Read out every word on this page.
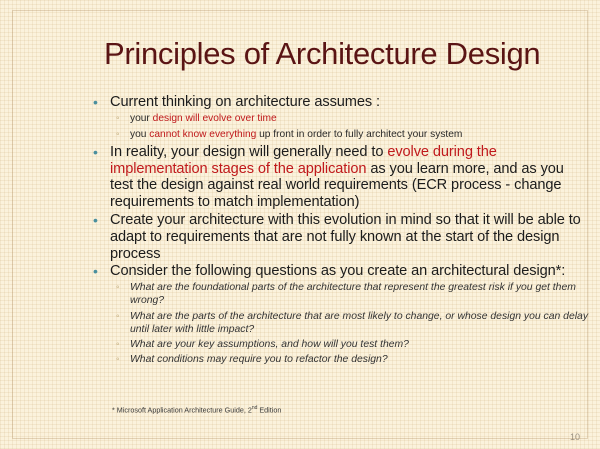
Principles of Architecture Design
• Current thinking on architecture assumes :
◦ your design will evolve over time
◦ you cannot know everything up front in order to fully architect your system
• In reality, your design will generally need to evolve during the implementation stages of the application as you learn more, and as you test the design against real world requirements (ECR process - change requirements to match implementation)
• Create your architecture with this evolution in mind so that it will be able to adapt to requirements that are not fully known at the start of the design process
• Consider the following questions as you create an architectural design*:
◦ What are the foundational parts of the architecture that represent the greatest risk if you get them wrong?
◦ What are the parts of the architecture that are most likely to change, or whose design you can delay until later with little impact?
◦ What are your key assumptions, and how will you test them?
◦ What conditions may require you to refactor the design?
* Microsoft Application Architecture Guide, 2nd Edition
10
